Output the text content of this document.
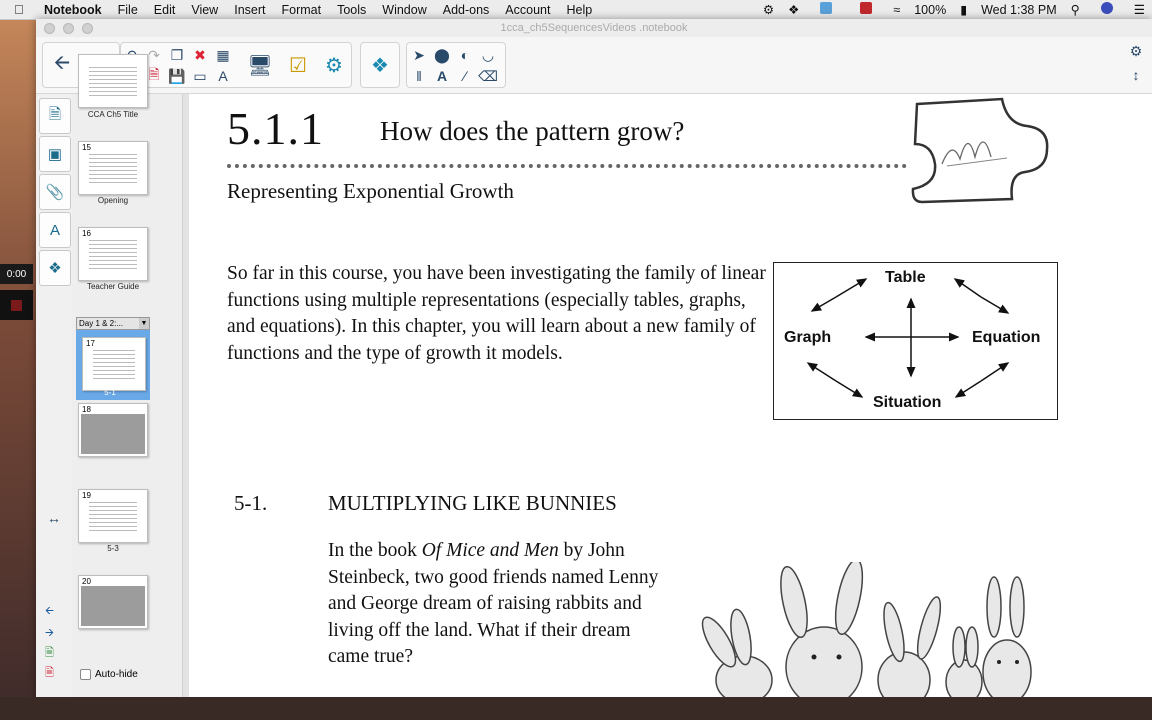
Notebook File Edit View Insert Format Tools Window Add-ons Account Help	⚙ ❖	≈ 100% ▮ Wed 1:38 PM ⚲	☰
0:00
1cca_ch5SequencesVideos .notebook
🡨	↷ ❐ ✖ ▦
🗎 💾 ▭ A 🖥 ☑ ⚙	❖	➤ ⬤ ◐ ◡
‖	A	∕ ⌫
⚙
↕
🗎
▣
📎
A
❖
↔
CCA Ch5 Title
15
Opening
16
Teacher Guide
Day 1 & 2:...	▼
17
5-1
18
19
5-3
20
🡨
🡪
🗎
🗎	Auto-hide
5.1.1 How does the pattern grow?
Representing Exponential Growth
So far in this course, you have been investigating the family of linear functions using multiple representations (especially tables, graphs, and equations). In this chapter, you will learn about a new family of functions and the type of growth it models.
Table
Graph	Equation
Situation
5-1.	MULTIPLYING LIKE BUNNIES
In the book Of Mice and Men by John Steinbeck, two good friends named Lenny and George dream of raising rabbits and living off the land. What if their dream came true?
